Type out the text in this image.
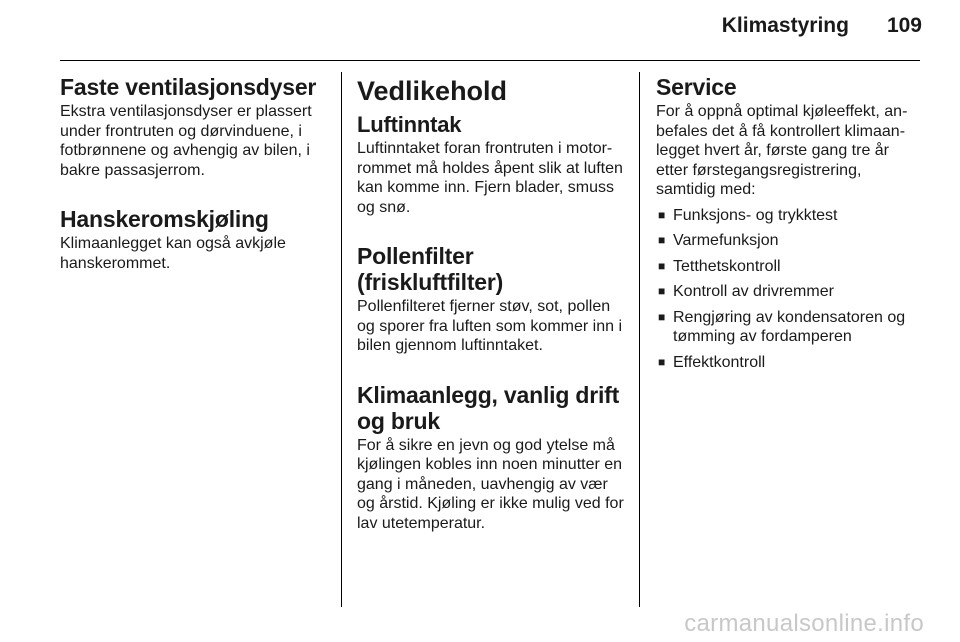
Klimastyring 109
Faste ventilasjonsdyser

Ekstra ventilasjonsdyser er plassert under frontruten og dørvinduene, i fotbrønnene og avhengig av bilen, i bakre passasjerrom.

Hanskeromskjøling

Klimaanlegget kan også avkjøle hanskerommet.

Vedlikehold
Luftinntak

Luftinntaket foran frontruten i motor-rommet må holdes åpent slik at luften kan komme inn. Fjern blader, smuss og snø.

Pollenfilter (friskluftfilter)

Pollenfilteret fjerner støv, sot, pollen og sporer fra luften som kommer inn i bilen gjennom luftinntaket.

Klimaanlegg, vanlig drift og bruk

For å sikre en jevn og god ytelse må kjølingen kobles inn noen minutter en gang i måneden, uavhengig av vær og årstid. Kjøling er ikke mulig ved for lav utetemperatur.

Service

For å oppnå optimal kjøleeffekt, an-befales det å få kontrollert klimaan-legget hvert år, første gang tre år etter førstegangsregistrering, samtidig med:

■ Funksjons- og trykktest
■ Varmefunksjon
■ Tetthetskontroll
■ Kontroll av drivremmer
■ Rengjøring av kondensatoren og tømming av fordamperen
■ Effektkontroll
carmanualsonline.info
